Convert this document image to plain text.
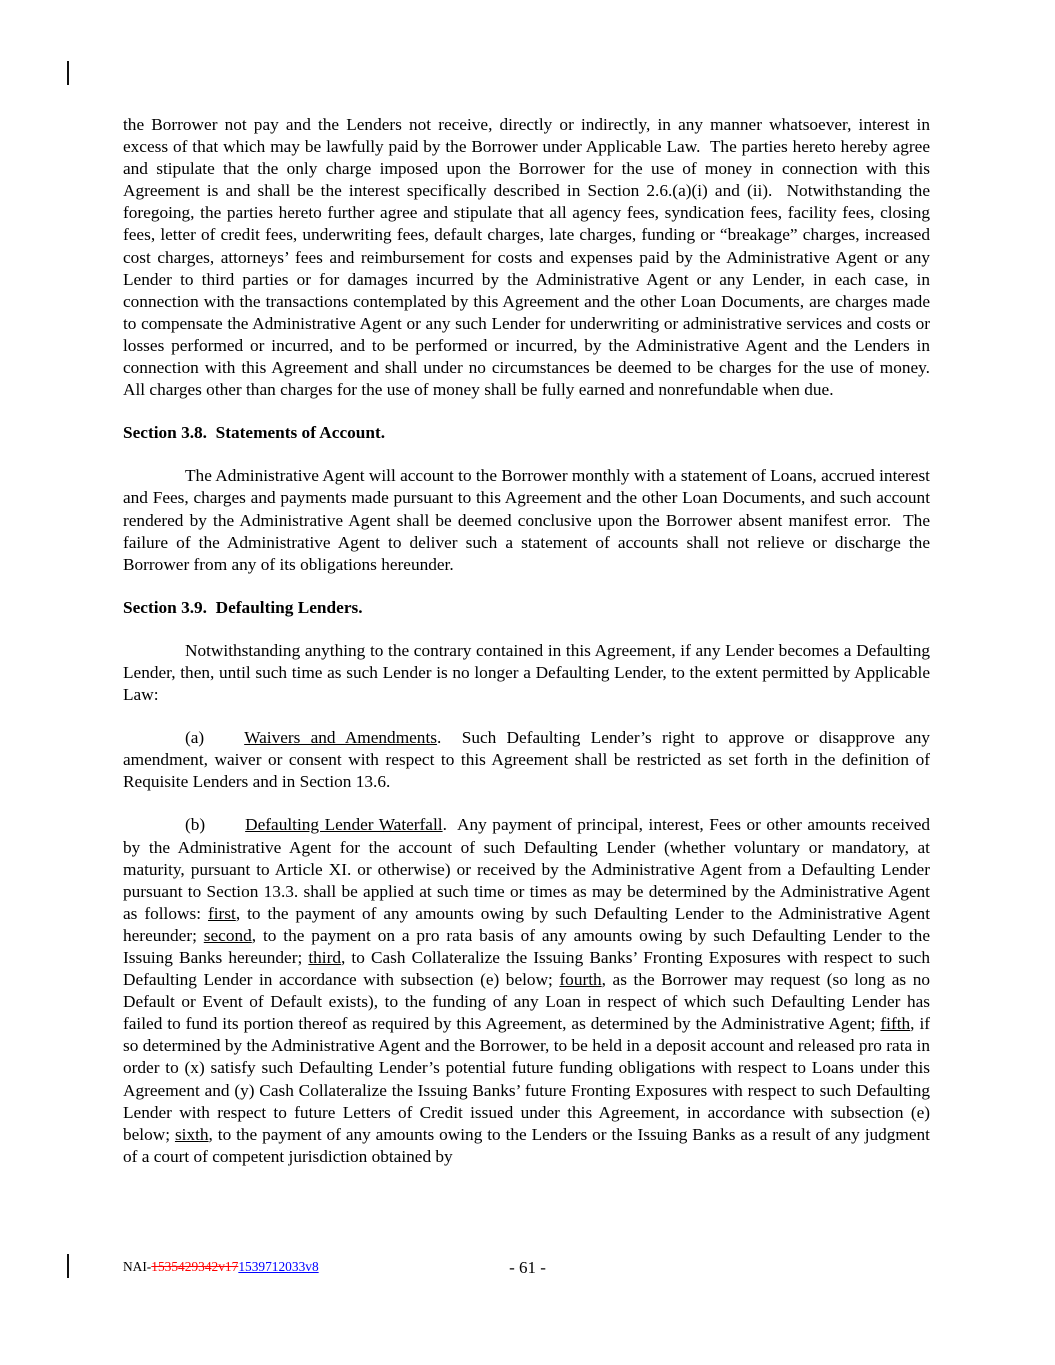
the Borrower not pay and the Lenders not receive, directly or indirectly, in any manner whatsoever, interest in excess of that which may be lawfully paid by the Borrower under Applicable Law.  The parties hereto hereby agree and stipulate that the only charge imposed upon the Borrower for the use of money in connection with this Agreement is and shall be the interest specifically described in Section 2.6.(a)(i) and (ii).  Notwithstanding the foregoing, the parties hereto further agree and stipulate that all agency fees, syndication fees, facility fees, closing fees, letter of credit fees, underwriting fees, default charges, late charges, funding or “breakage” charges, increased cost charges, attorneys’ fees and reimbursement for costs and expenses paid by the Administrative Agent or any Lender to third parties or for damages incurred by the Administrative Agent or any Lender, in each case, in connection with the transactions contemplated by this Agreement and the other Loan Documents, are charges made to compensate the Administrative Agent or any such Lender for underwriting or administrative services and costs or losses performed or incurred, and to be performed or incurred, by the Administrative Agent and the Lenders in connection with this Agreement and shall under no circumstances be deemed to be charges for the use of money.  All charges other than charges for the use of money shall be fully earned and nonrefundable when due.

Section 3.8.  Statements of Account.

The Administrative Agent will account to the Borrower monthly with a statement of Loans, accrued interest and Fees, charges and payments made pursuant to this Agreement and the other Loan Documents, and such account rendered by the Administrative Agent shall be deemed conclusive upon the Borrower absent manifest error.  The failure of the Administrative Agent to deliver such a statement of accounts shall not relieve or discharge the Borrower from any of its obligations hereunder.

Section 3.9.  Defaulting Lenders.

Notwithstanding anything to the contrary contained in this Agreement, if any Lender becomes a Defaulting Lender, then, until such time as such Lender is no longer a Defaulting Lender, to the extent permitted by Applicable Law:

(a) Waivers and Amendments.  Such Defaulting Lender’s right to approve or disapprove any amendment, waiver or consent with respect to this Agreement shall be restricted as set forth in the definition of Requisite Lenders and in Section 13.6.

(b) Defaulting Lender Waterfall.  Any payment of principal, interest, Fees or other amounts received by the Administrative Agent for the account of such Defaulting Lender (whether voluntary or mandatory, at maturity, pursuant to Article XI. or otherwise) or received by the Administrative Agent from a Defaulting Lender pursuant to Section 13.3. shall be applied at such time or times as may be determined by the Administrative Agent as follows: first, to the payment of any amounts owing by such Defaulting Lender to the Administrative Agent hereunder; second, to the payment on a pro rata basis of any amounts owing by such Defaulting Lender to the Issuing Banks hereunder; third, to Cash Collateralize the Issuing Banks’ Fronting Exposures with respect to such Defaulting Lender in accordance with subsection (e) below; fourth, as the Borrower may request (so long as no Default or Event of Default exists), to the funding of any Loan in respect of which such Defaulting Lender has failed to fund its portion thereof as required by this Agreement, as determined by the Administrative Agent; fifth, if so determined by the Administrative Agent and the Borrower, to be held in a deposit account and released pro rata in order to (x) satisfy such Defaulting Lender’s potential future funding obligations with respect to Loans under this Agreement and (y) Cash Collateralize the Issuing Banks’ future Fronting Exposures with respect to such Defaulting Lender with respect to future Letters of Credit issued under this Agreement, in accordance with subsection (e) below; sixth, to the payment of any amounts owing to the Lenders or the Issuing Banks as a result of any judgment of a court of competent jurisdiction obtained by

NAI-1535429342v171539712033v8	- 61 -
